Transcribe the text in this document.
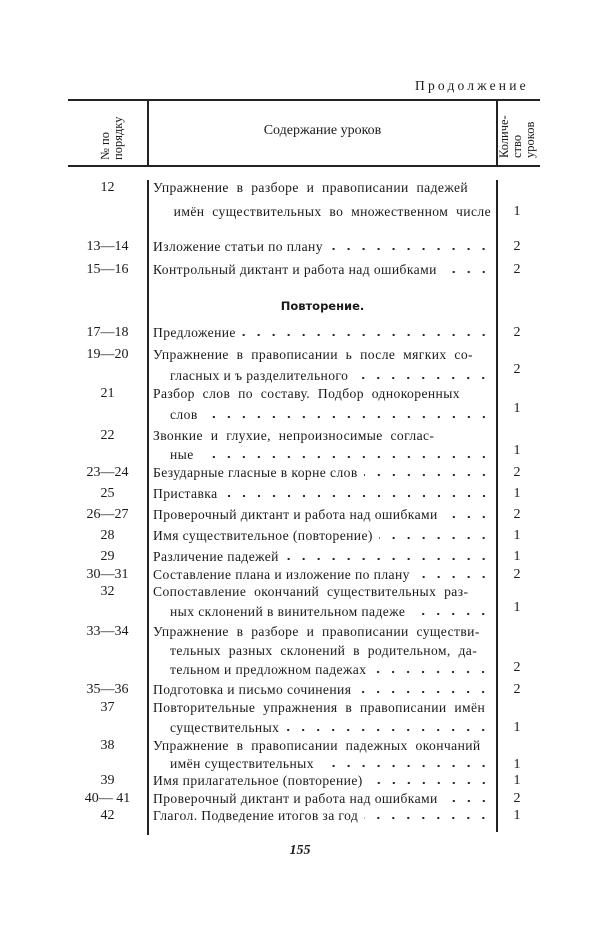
Продолжение
№ по порядку	Содержание уроков	Количе- ство уроков
Повторение.
12	Упражнение в разборе и правописании падежей
имён существительных во множественном числе	1
13—14	Изложение статьи по плану	2
15—16	Контрольный диктант и работа над ошибками	2
17—18	Предложение	2
19—20	Упражнение в правописании ь после мягких со-
гласных и ъ разделительного	2
21	Разбор слов по составу. Подбор однокоренных
слов	1
22	Звонкие и глухие, непроизносимые соглас-
ные	1
23—24	Безударные гласные в корне слов	2
25	Приставка	1
26—27	Проверочный диктант и работа над ошибками	2
28	Имя существительное (повторение)	1
29	Различение падежей	1
30—31	Составление плана и изложение по плану	2
32	Сопоставление окончаний существительных раз-
ных склонений в винительном падеже	1
33—34	Упражнение в разборе и правописании существи-
тельных разных склонений в родительном, да-
тельном и предложном падежах	2
35—36	Подготовка и письмо сочинения	2
37	Повторительные упражнения в правописании имён
существительных	1
38	Упражнение в правописании падежных окончаний
имён существительных	1
39	Имя прилагательное (повторение)	1
40— 41	Проверочный диктант и работа над ошибками	2
42	Глагол. Подведение итогов за год	1
155
